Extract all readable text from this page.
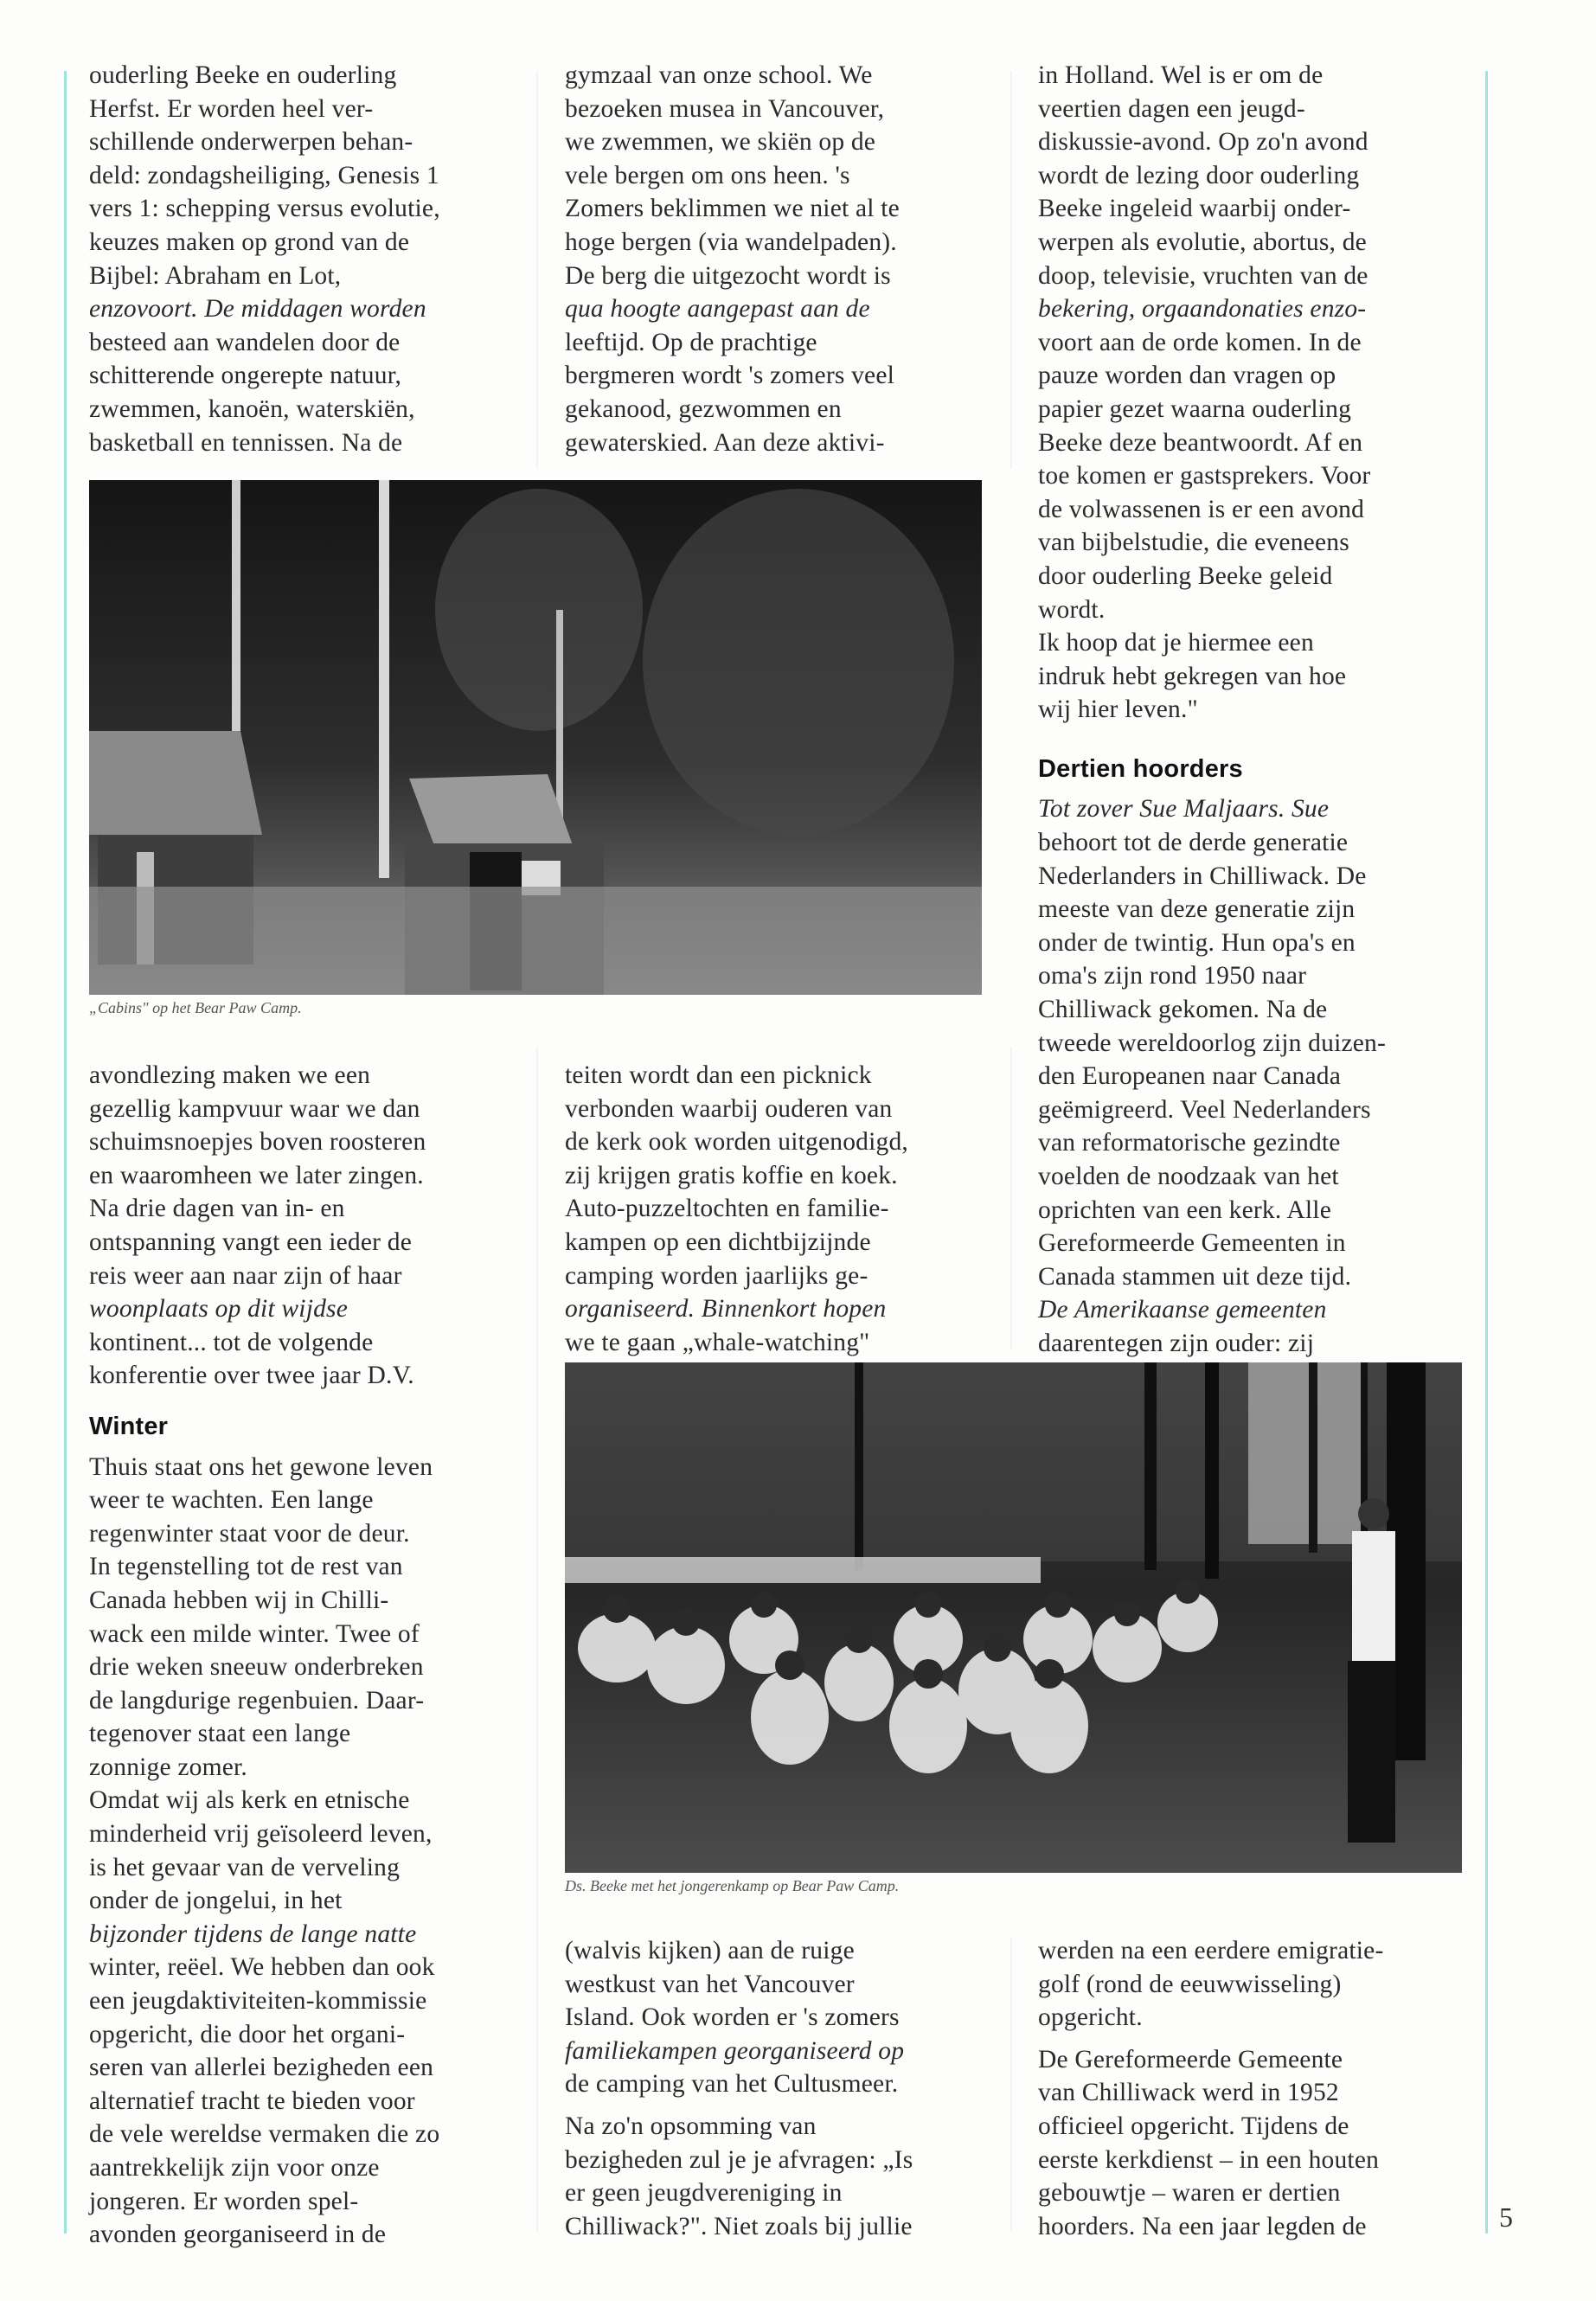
ouderling Beeke en ouderling
Herfst. Er worden heel ver-
schillende onderwerpen behan-
deld: zondagsheiliging, Genesis 1
vers 1: schepping versus evolutie,
keuzes maken op grond van de
Bijbel: Abraham en Lot,
enzovoort. De middagen worden
besteed aan wandelen door de
schitterende ongerepte natuur,
zwemmen, kanoën, waterskiën,
basketball en tennissen. Na de
gymzaal van onze school. We
bezoeken musea in Vancouver,
we zwemmen, we skiën op de
vele bergen om ons heen. 's
Zomers beklimmen we niet al te
hoge bergen (via wandelpaden).
De berg die uitgezocht wordt is
qua hoogte aangepast aan de
leeftijd. Op de prachtige
bergmeren wordt 's zomers veel
gekanood, gezwommen en
gewaterskied. Aan deze aktivi-
in Holland. Wel is er om de
veertien dagen een jeugd-
diskussie-avond. Op zo'n avond
wordt de lezing door ouderling
Beeke ingeleid waarbij onder-
werpen als evolutie, abortus, de
doop, televisie, vruchten van de
bekering, orgaandonaties enzo-
voort aan de orde komen. In de
pauze worden dan vragen op
papier gezet waarna ouderling
Beeke deze beantwoordt. Af en
toe komen er gastsprekers. Voor
de volwassenen is er een avond
van bijbelstudie, die eveneens
door ouderling Beeke geleid
wordt.
Ik hoop dat je hiermee een
indruk hebt gekregen van hoe
wij hier leven."
Dertien hoorders
Tot zover Sue Maljaars. Sue
behoort tot de derde generatie
Nederlanders in Chilliwack. De
meeste van deze generatie zijn
onder de twintig. Hun opa's en
oma's zijn rond 1950 naar
Chilliwack gekomen. Na de
tweede wereldoorlog zijn duizen-
den Europeanen naar Canada
geëmigreerd. Veel Nederlanders
van reformatorische gezindte
voelden de noodzaak van het
oprichten van een kerk. Alle
Gereformeerde Gemeenten in
Canada stammen uit deze tijd.
De Amerikaanse gemeenten
daarentegen zijn ouder: zij
„Cabins" op het Bear Paw Camp.
avondlezing maken we een
gezellig kampvuur waar we dan
schuimsnoepjes boven roosteren
en waaromheen we later zingen.
Na drie dagen van in- en
ontspanning vangt een ieder de
reis weer aan naar zijn of haar
woonplaats op dit wijdse
kontinent... tot de volgende
konferentie over twee jaar D.V.
Winter
Thuis staat ons het gewone leven
weer te wachten. Een lange
regenwinter staat voor de deur.
In tegenstelling tot de rest van
Canada hebben wij in Chilli-
wack een milde winter. Twee of
drie weken sneeuw onderbreken
de langdurige regenbuien. Daar-
tegenover staat een lange
zonnige zomer.
Omdat wij als kerk en etnische
minderheid vrij geïsoleerd leven,
is het gevaar van de verveling
onder de jongelui, in het
bijzonder tijdens de lange natte
winter, reëel. We hebben dan ook
een jeugdaktiviteiten-kommissie
opgericht, die door het organi-
seren van allerlei bezigheden een
alternatief tracht te bieden voor
de vele wereldse vermaken die zo
aantrekkelijk zijn voor onze
jongeren. Er worden spel-
avonden georganiseerd in de
teiten wordt dan een picknick
verbonden waarbij ouderen van
de kerk ook worden uitgenodigd,
zij krijgen gratis koffie en koek.
Auto-puzzeltochten en familie-
kampen op een dichtbijzijnde
camping worden jaarlijks ge-
organiseerd. Binnenkort hopen
we te gaan „whale-watching"
Ds. Beeke met het jongerenkamp op Bear Paw Camp.
(walvis kijken) aan de ruige
westkust van het Vancouver
Island. Ook worden er 's zomers
familiekampen georganiseerd op
de camping van het Cultusmeer.
Na zo'n opsomming van
bezigheden zul je je afvragen: „Is
er geen jeugdvereniging in
Chilliwack?". Niet zoals bij jullie
werden na een eerdere emigratie-
golf (rond de eeuwwisseling)
opgericht.
De Gereformeerde Gemeente
van Chilliwack werd in 1952
officieel opgericht. Tijdens de
eerste kerkdienst – in een houten
gebouwtje – waren er dertien
hoorders. Na een jaar legden de	5
